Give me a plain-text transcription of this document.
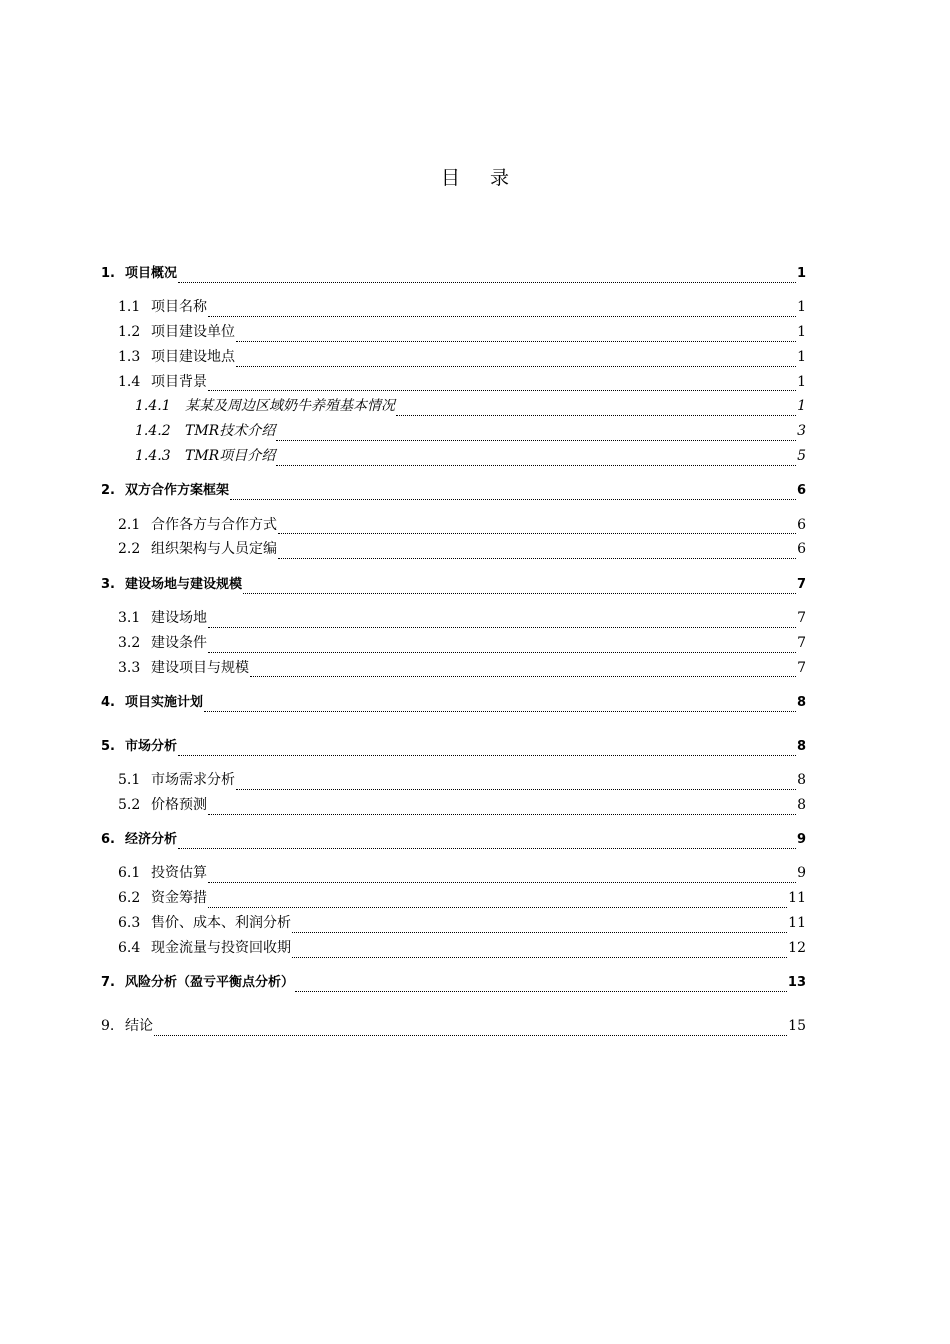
目 录
1. 项目概况	1
1.1 项目名称	1
1.2 项目建设单位	1
1.3 项目建设地点	1
1.4 项目背景	1
1.4.1	某某及周边区域奶牛养殖基本情况	1
1.4.2	TMR技术介绍	3
1.4.3	TMR项目介绍	5
2. 双方合作方案框架	6
2.1 合作各方与合作方式	6
2.2 组织架构与人员定编	6
3. 建设场地与建设规模	7
3.1 建设场地	7
3.2 建设条件	7
3.3 建设项目与规模	7
4. 项目实施计划	8
5. 市场分析	8
5.1 市场需求分析	8
5.2 价格预测	8
6. 经济分析	9
6.1 投资估算	9
6.2 资金筹措	11
6.3 售价、成本、利润分析	11
6.4 现金流量与投资回收期	12
7. 风险分析（盈亏平衡点分析）	13
9. 结论	15
